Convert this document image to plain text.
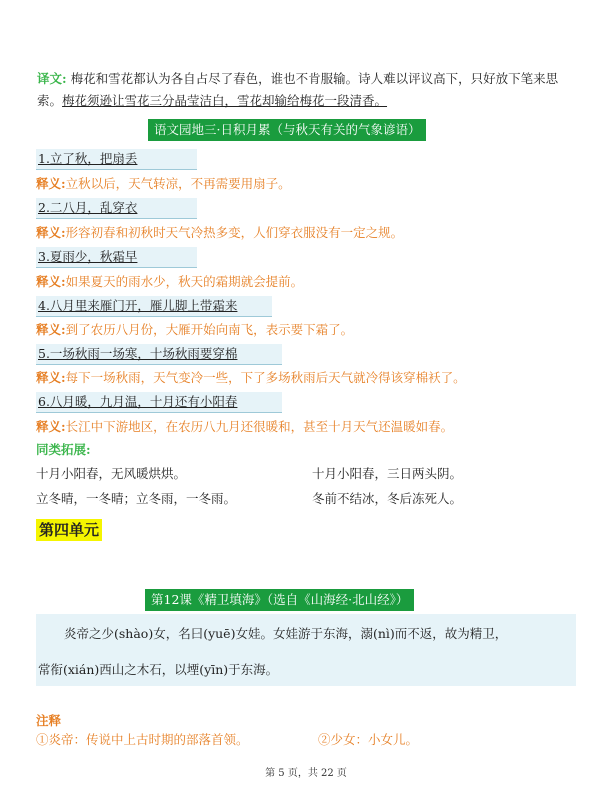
译文: 梅花和雪花都认为各自占尽了春色，谁也不肯服输。诗人难以评议高下，只好放下笔来思索。梅花须逊让雪花三分晶莹洁白，雪花却输给梅花一段清香。
语文园地三·日积月累（与秋天有关的气象谚语）
1.立了秋，把扇丢
释义:立秋以后，天气转凉，不再需要用扇子。
2.二八月，乱穿衣
释义:形容初春和初秋时天气冷热多变，人们穿衣服没有一定之规。
3.夏雨少，秋霜早
释义:如果夏天的雨水少，秋天的霜期就会提前。
4.八月里来雁门开，雁儿脚上带霜来
释义:到了农历八月份，大雁开始向南飞，表示要下霜了。
5.一场秋雨一场寒，十场秋雨要穿棉
释义:每下一场秋雨，天气变冷一些，下了多场秋雨后天气就冷得该穿棉袄了。
6.八月暖，九月温，十月还有小阳春
释义:长江中下游地区，在农历八九月还很暖和，甚至十月天气还温暖如春。
同类拓展:
十月小阳春，无风暖烘烘。	十月小阳春，三日两头阴。
立冬晴，一冬晴；立冬雨，一冬雨。	冬前不结冰，冬后冻死人。
第四单元
第12课《精卫填海》（选自《山海经·北山经》）
炎帝之少(shào)女，名曰(yuē)女娃。女娃游于东海，溺(nì)而不返，故为精卫，
常衔(xián)西山之木石，以堙(yīn)于东海。
注释
①炎帝：传说中上古时期的部落首领。	②少女：小女儿。
第 5 页，共 22 页
